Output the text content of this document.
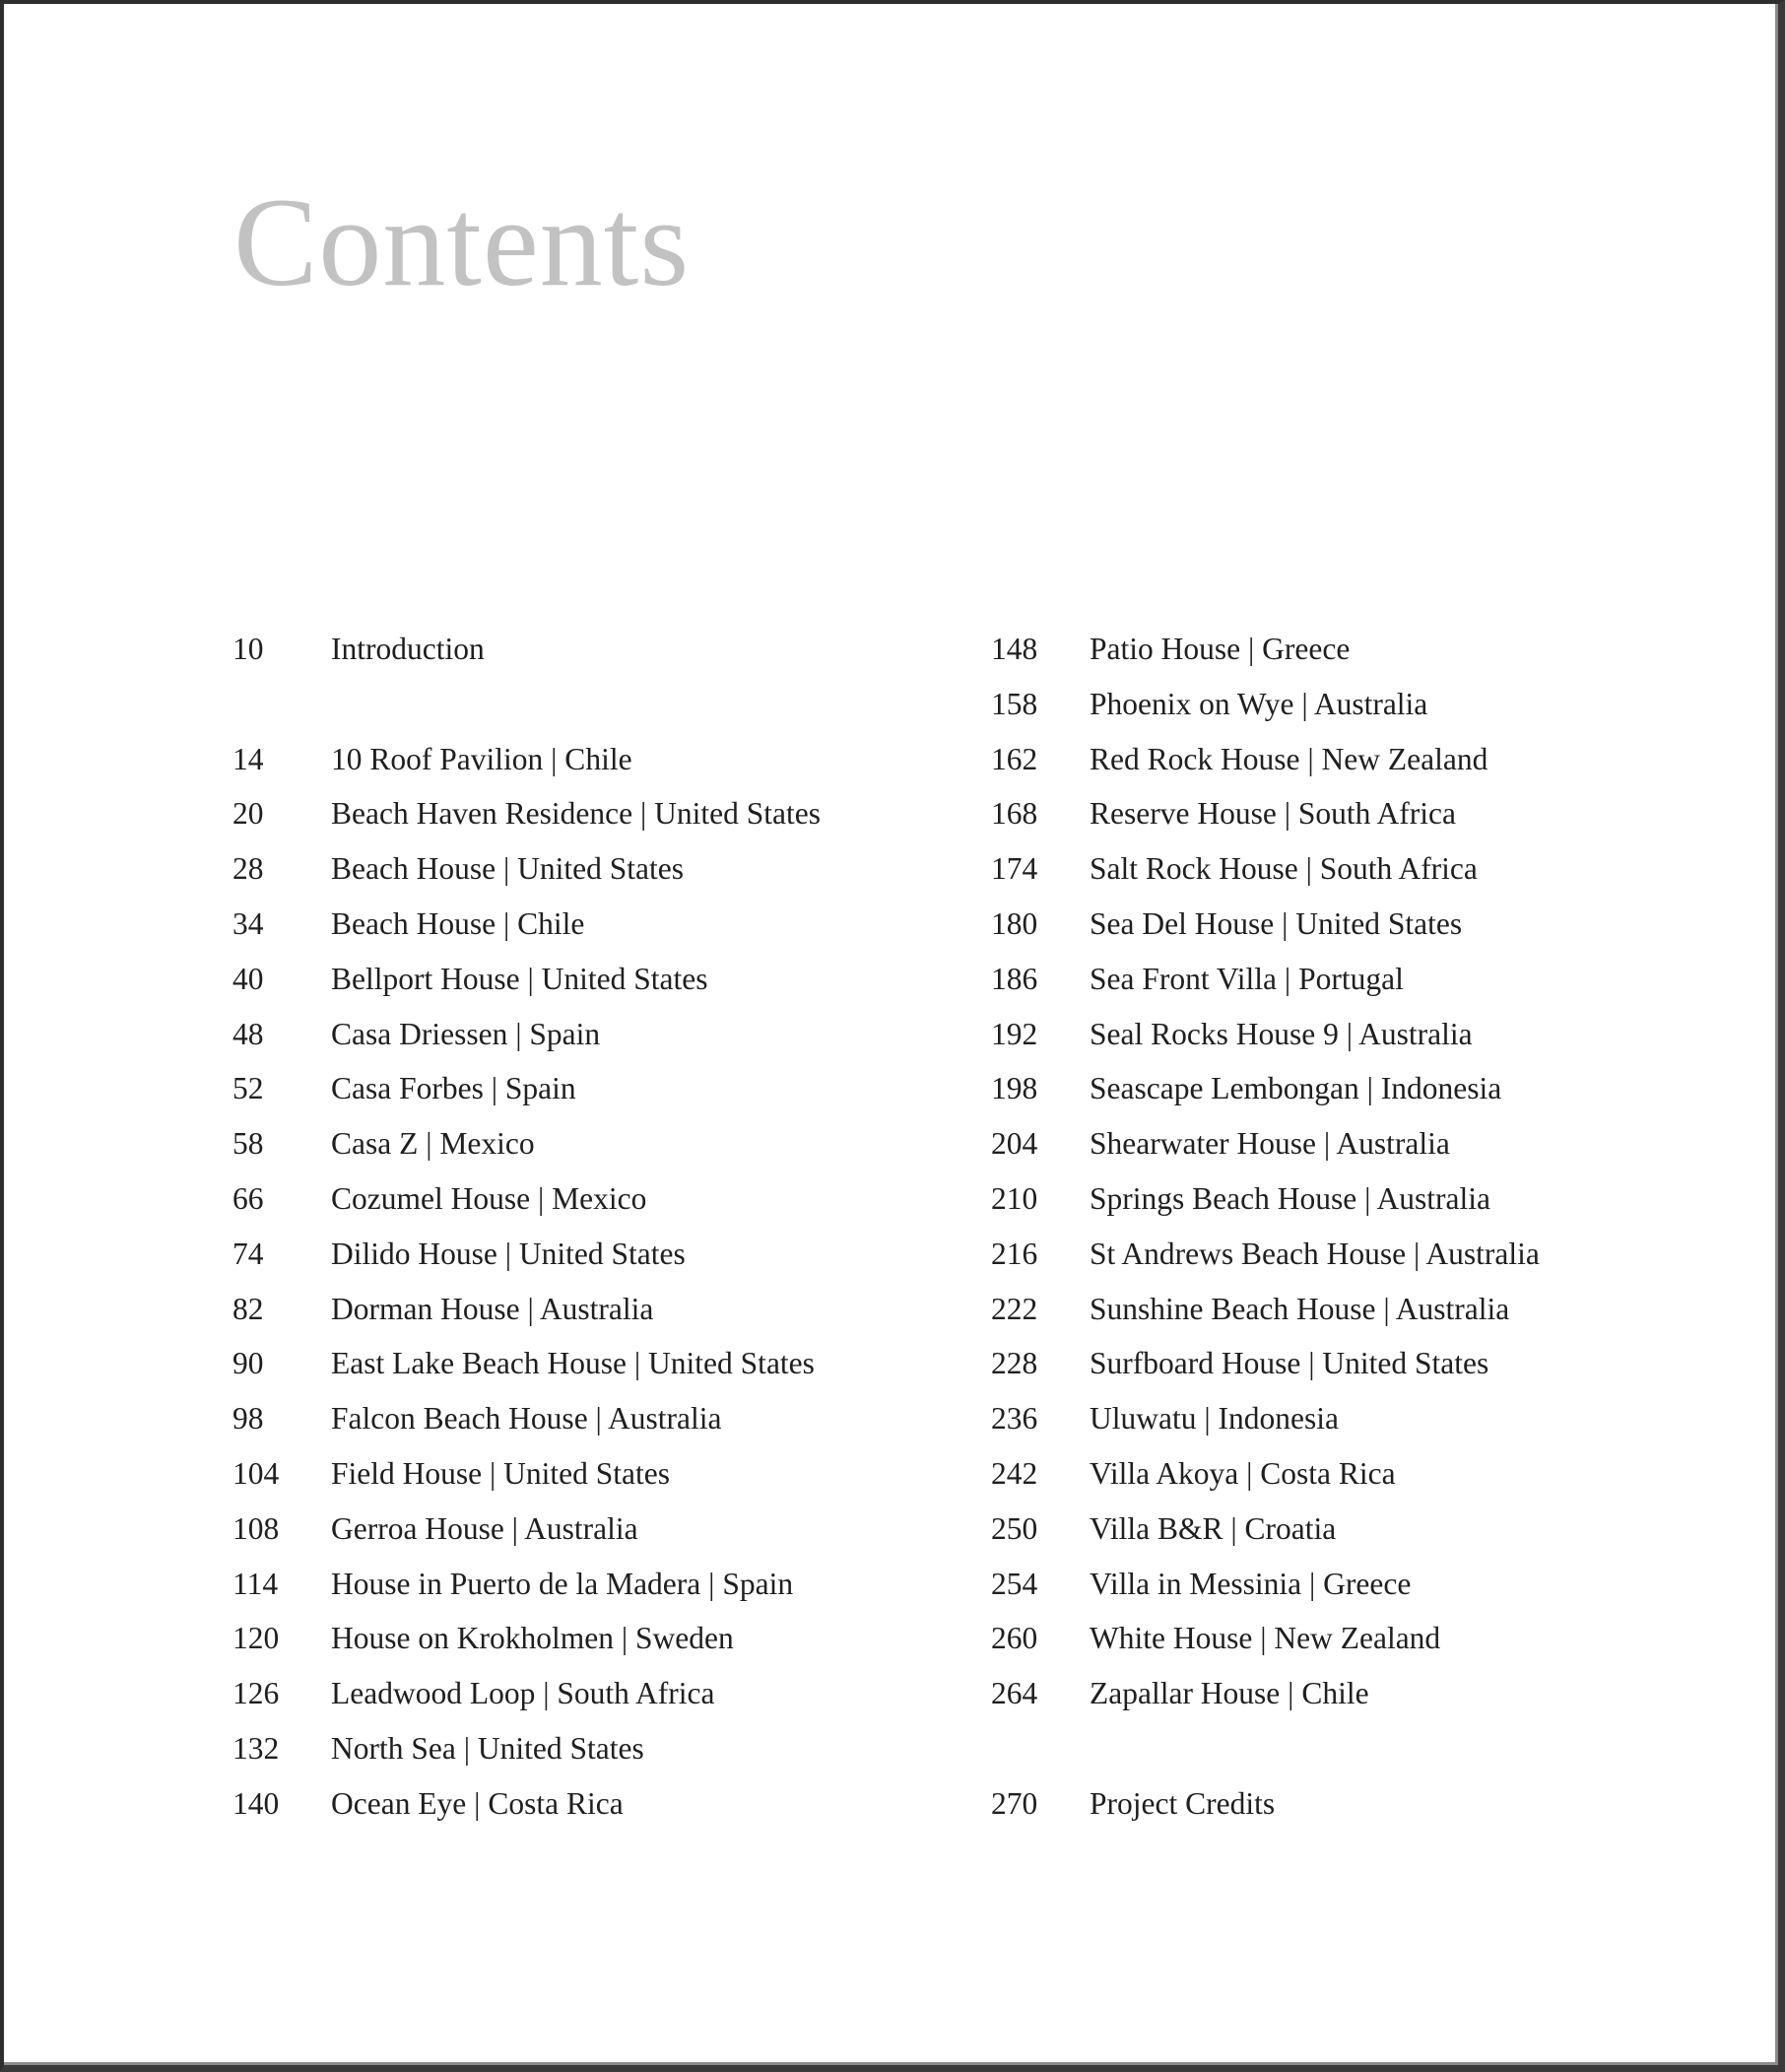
Contents
10 Introduction
14 10 Roof Pavilion | Chile
20 Beach Haven Residence | United States
28 Beach House | United States
34 Beach House | Chile
40 Bellport House | United States
48 Casa Driessen | Spain
52 Casa Forbes | Spain
58 Casa Z | Mexico
66 Cozumel House | Mexico
74 Dilido House | United States
82 Dorman House | Australia
90 East Lake Beach House | United States
98 Falcon Beach House | Australia
104 Field House | United States
108 Gerroa House | Australia
114 House in Puerto de la Madera | Spain
120 House on Krokholmen | Sweden
126 Leadwood Loop | South Africa
132 North Sea | United States
140 Ocean Eye | Costa Rica
148 Patio House | Greece
158 Phoenix on Wye | Australia
162 Red Rock House | New Zealand
168 Reserve House | South Africa
174 Salt Rock House | South Africa
180 Sea Del House | United States
186 Sea Front Villa | Portugal
192 Seal Rocks House 9 | Australia
198 Seascape Lembongan | Indonesia
204 Shearwater House | Australia
210 Springs Beach House | Australia
216 St Andrews Beach House | Australia
222 Sunshine Beach House | Australia
228 Surfboard House | United States
236 Uluwatu | Indonesia
242 Villa Akoya | Costa Rica
250 Villa B&R | Croatia
254 Villa in Messinia | Greece
260 White House | New Zealand
264 Zapallar House | Chile
270 Project Credits
